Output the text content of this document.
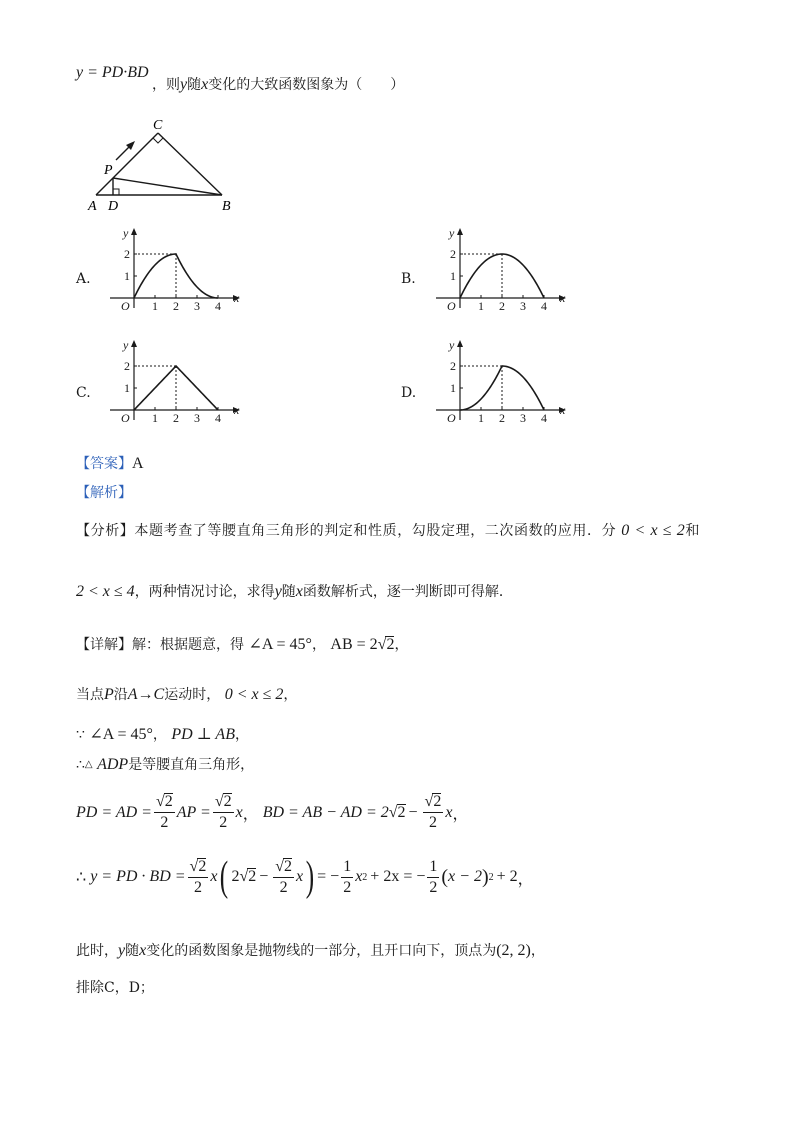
y = PD·BD
，则y随x变化的大致函数图象为（　　）
C
P
A D	B
A.	B.
C.	D.
y
x
O 1 2 3 4
1
2
y
x
O 1 2 3 4
1
2
y
x
O 1 2 3 4
1
2
y
x
O 1 2 3 4
1
2
【答案】A
【解析】
【分析】本题考查了等腰直角三角形的判定和性质，勾股定理，二次函数的应用．分 0 < x ≤ 2和
2 < x ≤ 4，两种情况讨论，求得y随x函数解析式，逐一判断即可得解．
【详解】解：根据题意，得 ∠A = 45°， AB = 2√2，
当点P沿A→C运动时， 0 < x ≤ 2，
∵ ∠A = 45°， PD ⊥ AB，
∴△ ADP是等腰直角三角形，
PD = AD = $\frac{√2}{2}$ AP = $\frac{√2}{2}$ x ， BD = AB − AD = 2 √ $2 - \frac{√2}{2}$ x ，
∴ y = PD · BD = $\frac{√2}{2}$ x ( $2√2 - \frac{√2}{2}$ x ) = − $\frac{1}{2}$ x 2 + 2x = − $\frac{1}{2}$ ( x − 2 ) 2 + 2 ，
此时，y随x变化的函数图象是抛物线的一部分，且开口向下，顶点为(2, 2)，
排除C，D；
